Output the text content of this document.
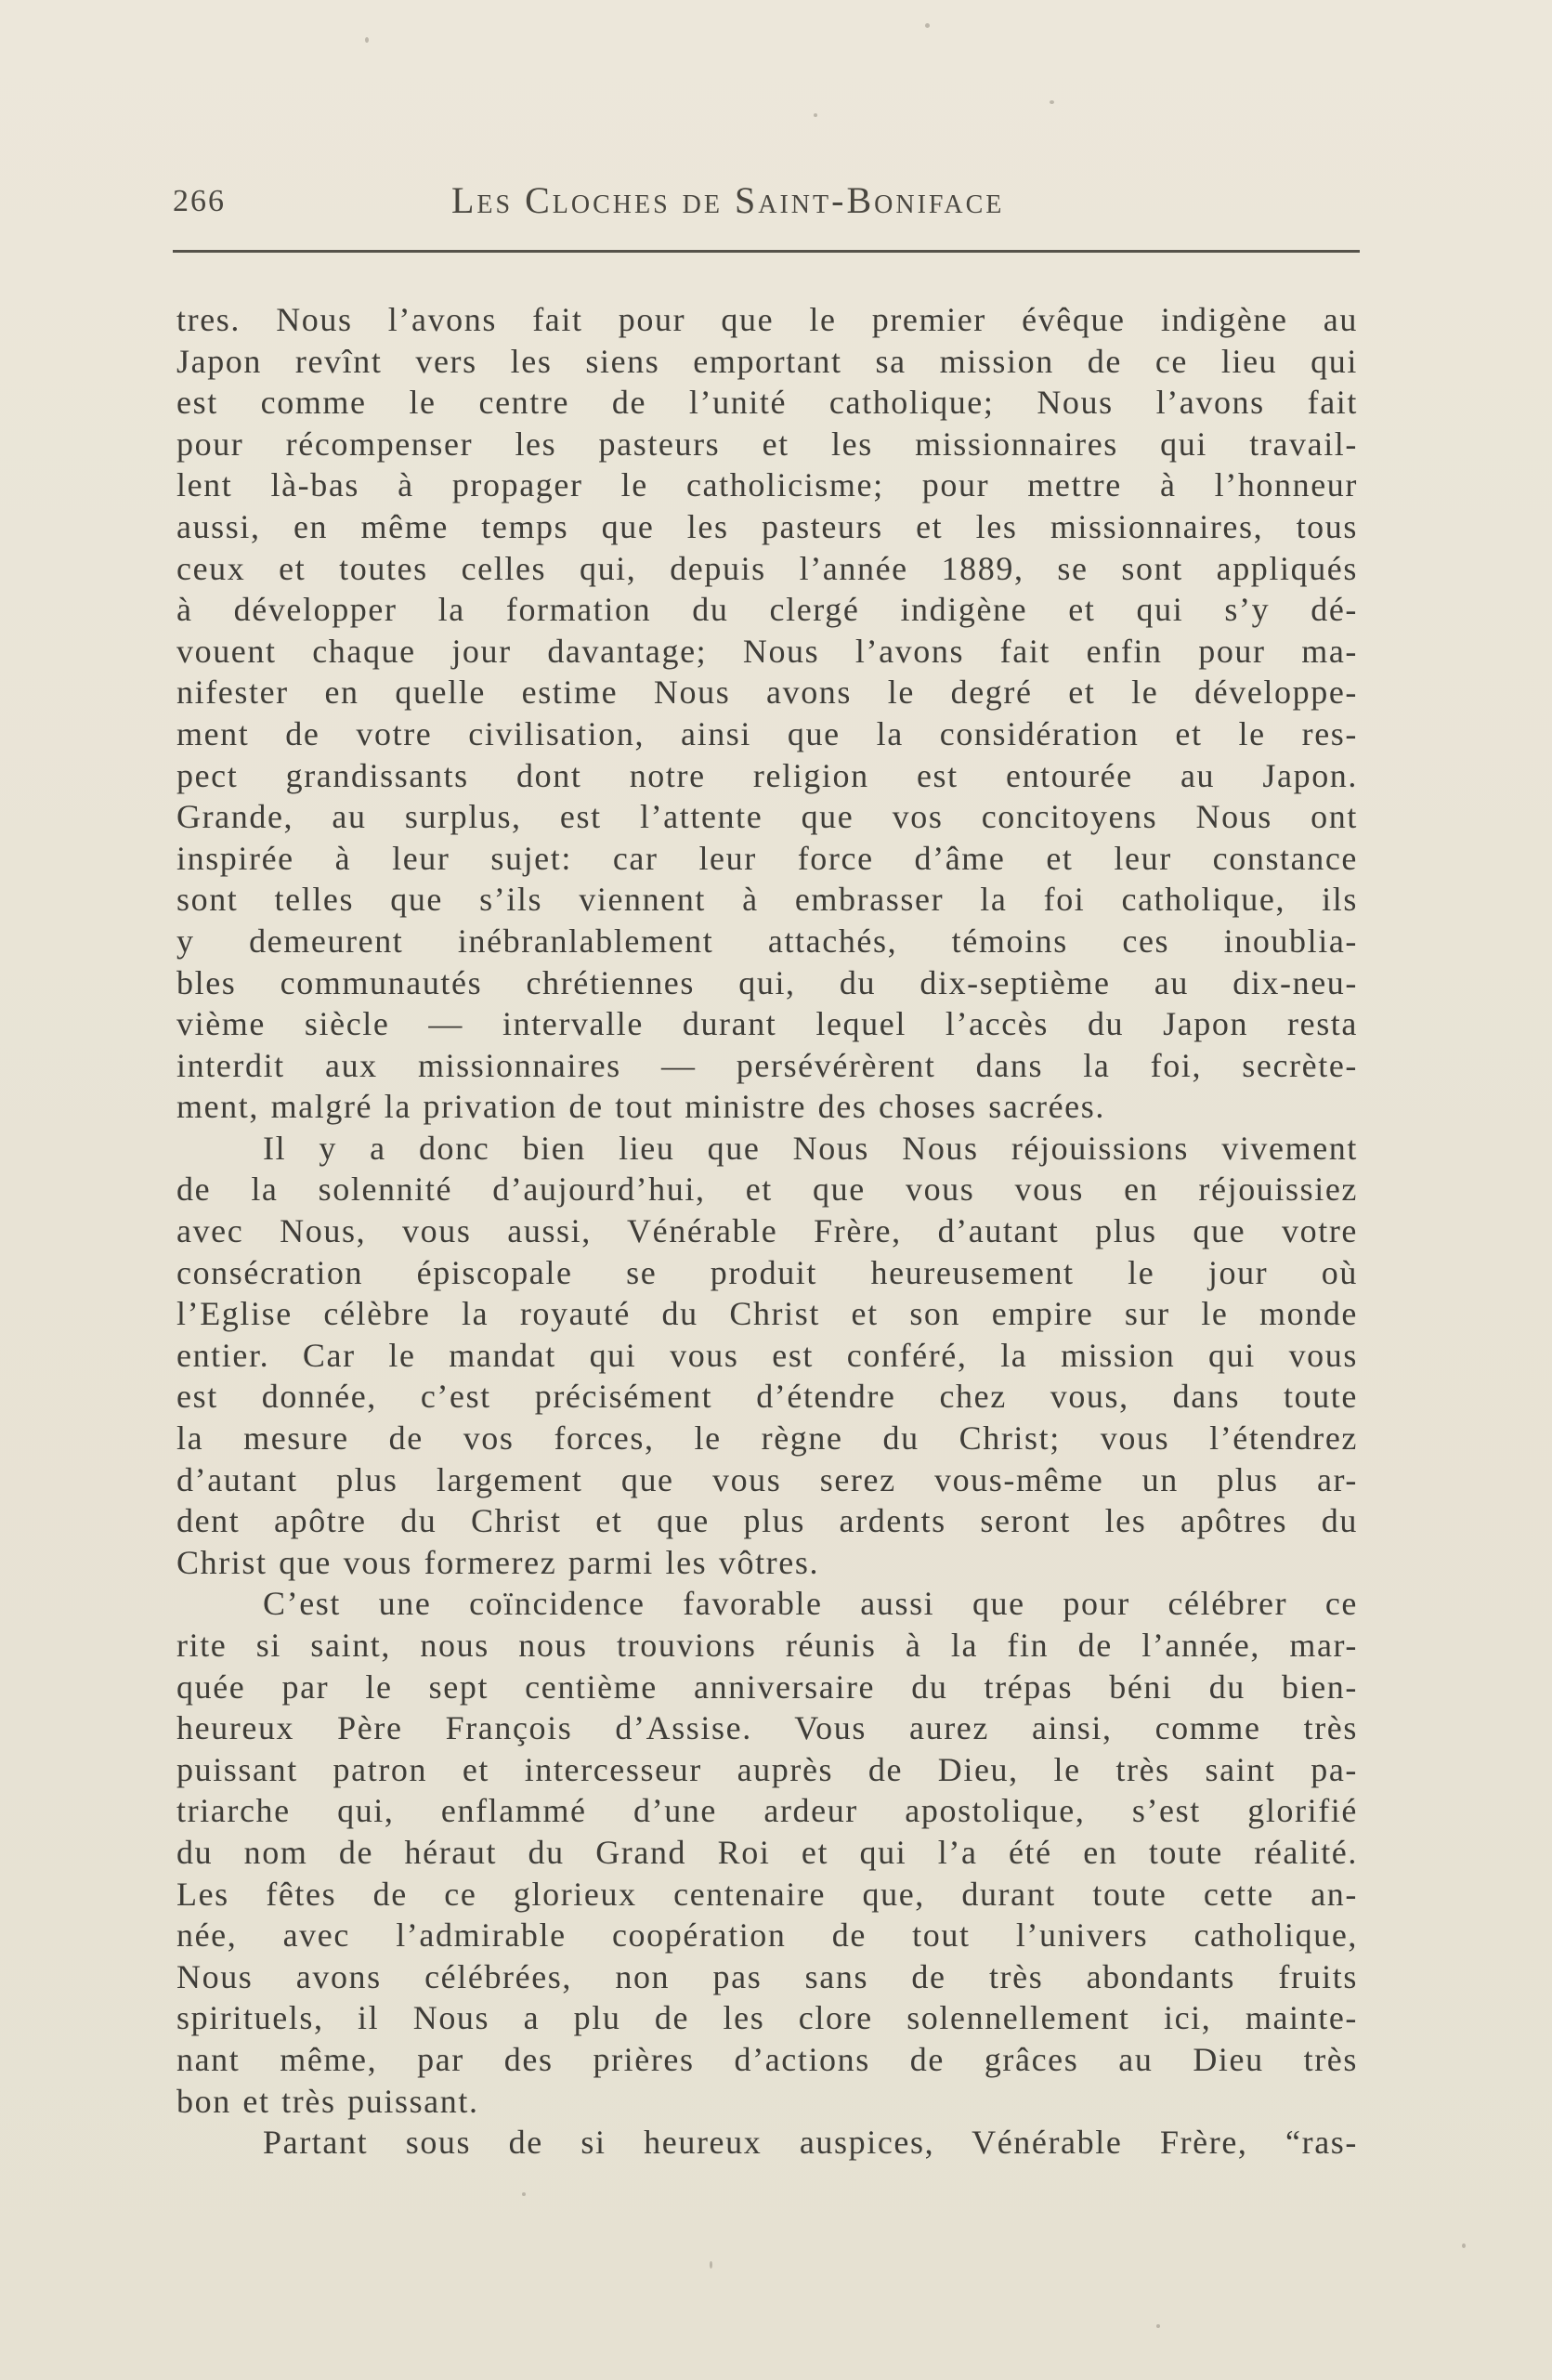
266	Les Cloches de Saint-Boniface
tres. Nous l’avons fait pour que le premier évêque indigène au
Japon revînt vers les siens emportant sa mission de ce lieu qui
est comme le centre de l’unité catholique; Nous l’avons fait
pour récompenser les pasteurs et les missionnaires qui travail-
lent là-bas à propager le catholicisme; pour mettre à l’honneur
aussi, en même temps que les pasteurs et les missionnaires, tous
ceux et toutes celles qui, depuis l’année 1889, se sont appliqués
à développer la formation du clergé indigène et qui s’y dé-
vouent chaque jour davantage; Nous l’avons fait enfin pour ma-
nifester en quelle estime Nous avons le degré et le développe-
ment de votre civilisation, ainsi que la considération et le res-
pect grandissants dont notre religion est entourée au Japon.
Grande, au surplus, est l’attente que vos concitoyens Nous ont
inspirée à leur sujet: car leur force d’âme et leur constance
sont telles que s’ils viennent à embrasser la foi catholique, ils
y demeurent inébranlablement attachés, témoins ces inoublia-
bles communautés chrétiennes qui, du dix-septième au dix-neu-
vième siècle — intervalle durant lequel l’accès du Japon resta
interdit aux missionnaires — persévérèrent dans la foi, secrète-
ment, malgré la privation de tout ministre des choses sacrées.
Il y a donc bien lieu que Nous Nous réjouissions vivement
de la solennité d’aujourd’hui, et que vous vous en réjouissiez
avec Nous, vous aussi, Vénérable Frère, d’autant plus que votre
consécration épiscopale se produit heureusement le jour où
l’Eglise célèbre la royauté du Christ et son empire sur le monde
entier. Car le mandat qui vous est conféré, la mission qui vous
est donnée, c’est précisément d’étendre chez vous, dans toute
la mesure de vos forces, le règne du Christ; vous l’étendrez
d’autant plus largement que vous serez vous-même un plus ar-
dent apôtre du Christ et que plus ardents seront les apôtres du
Christ que vous formerez parmi les vôtres.
C’est une coïncidence favorable aussi que pour célébrer ce
rite si saint, nous nous trouvions réunis à la fin de l’année, mar-
quée par le sept centième anniversaire du trépas béni du bien-
heureux Père François d’Assise. Vous aurez ainsi, comme très
puissant patron et intercesseur auprès de Dieu, le très saint pa-
triarche qui, enflammé d’une ardeur apostolique, s’est glorifié
du nom de héraut du Grand Roi et qui l’a été en toute réalité.
Les fêtes de ce glorieux centenaire que, durant toute cette an-
née, avec l’admirable coopération de tout l’univers catholique,
Nous avons célébrées, non pas sans de très abondants fruits
spirituels, il Nous a plu de les clore solennellement ici, mainte-
nant même, par des prières d’actions de grâces au Dieu très
bon et très puissant.
Partant sous de si heureux auspices, Vénérable Frère, “ras-
